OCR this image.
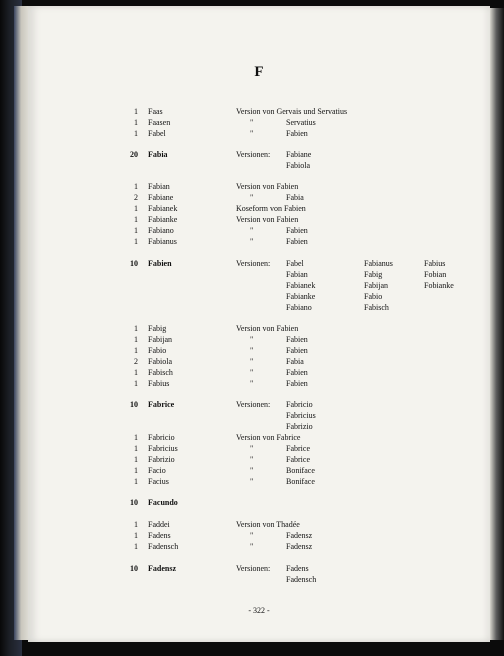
F
1 Faas	Version von Gervais und Servatius
1 Faasen	"	Servatius
1 Fabel	"	Fabien
20 Fabia	Versionen: Fabiane
Fabiola
1 Fabian	Version von Fabien
2 Fabiane	"	Fabia
1 Fabianek	Koseform von Fabien
1 Fabianke	Version von Fabien
1 Fabiano	"	Fabien
1 Fabianus	"	Fabien
10 Fabien	Versionen: Fabel	Fabianus	Fabius
Fabian	Fabig	Fobian
Fabianek	Fabijan	Fobianke
Fabianke	Fabio
Fabiano	Fabisch
1 Fabig	Version von Fabien
1 Fabijan	"	Fabien
1 Fabio	"	Fabien
2 Fabiola	"	Fabia
1 Fabisch	"	Fabien
1 Fabius	"	Fabien
10 Fabrice	Versionen: Fabricio
Fabricius
Fabrizio
1 Fabricio	Version von Fabrice
1 Fabricius	"	Fabrice
1 Fabrizio	"	Fabrice
1 Facio	"	Boniface
1 Facius	"	Boniface
10 Facundo
1 Faddei	Version von Thadée
1 Fadens	"	Fadensz
1 Fadensch	"	Fadensz
10 Fadensz	Versionen: Fadens
Fadensch
- 322 -
